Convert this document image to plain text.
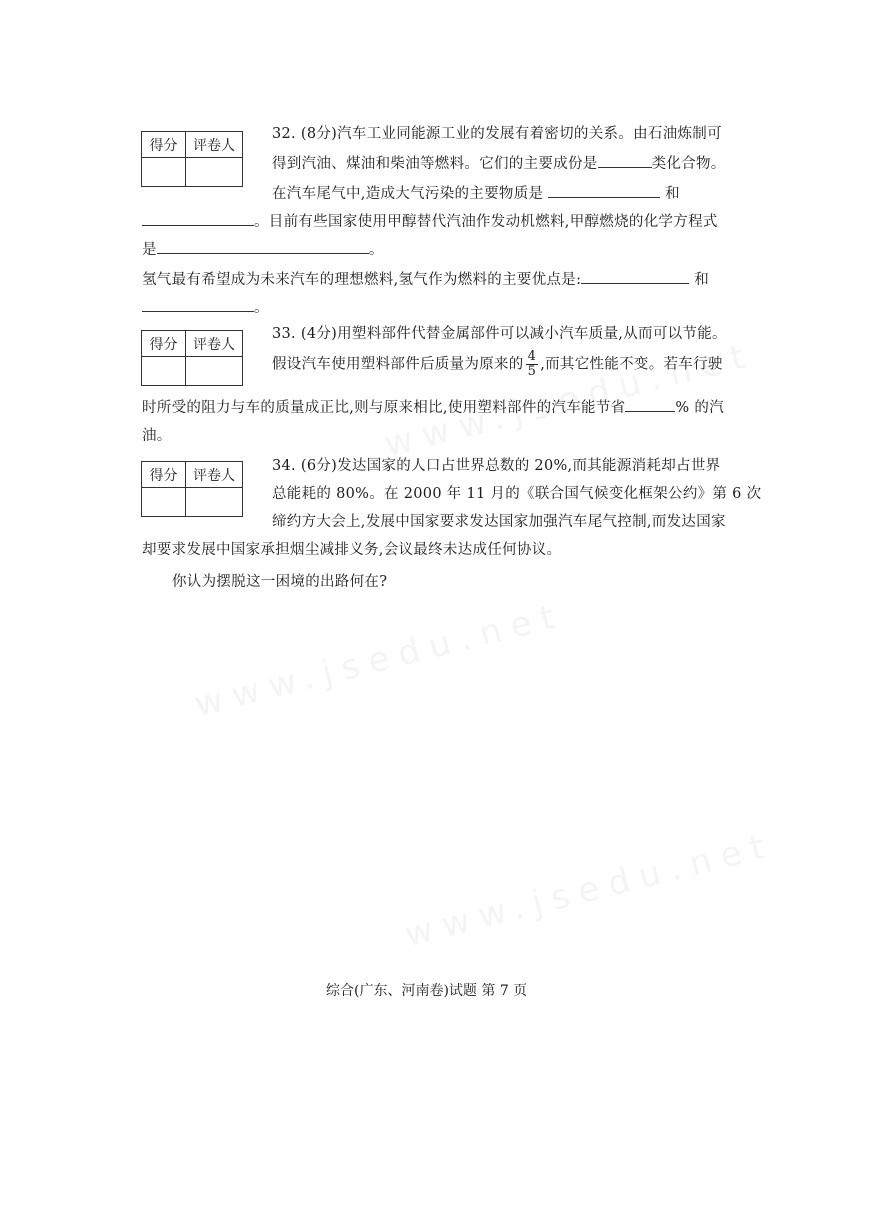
得分	评卷人
32. (8分)汽车工业同能源工业的发展有着密切的关系。由石油炼制可
得到汽油、煤油和柴油等燃料。它们的主要成份是	类化合物。
在汽车尾气中,造成大气污染的主要物质是	和
。目前有些国家使用甲醇替代汽油作发动机燃料,甲醇燃烧的化学方程式
是	。
氢气最有希望成为未来汽车的理想燃料,氢气作为燃料的主要优点是:	和
。
得分	评卷人
33. (4分)用塑料部件代替金属部件可以减小汽车质量,从而可以节能。
假设汽车使用塑料部件后质量为原来的 $\frac{4}{5}$ ,而其它性能不变。若车行驶
时所受的阻力与车的质量成正比,则与原来相比,使用塑料部件的汽车能节省	% 的汽
油。
得分	评卷人
34. (6分)发达国家的人口占世界总数的 20%,而其能源消耗却占世界
总能耗的 80%。在 2000 年 11 月的《联合国气候变化框架公约》第 6 次
缔约方大会上,发展中国家要求发达国家加强汽车尾气控制,而发达国家
却要求发展中国家承担烟尘减排义务,会议最终未达成任何协议。
你认为摆脱这一困境的出路何在?
综合(广东、河南卷)试题 第 7 页
